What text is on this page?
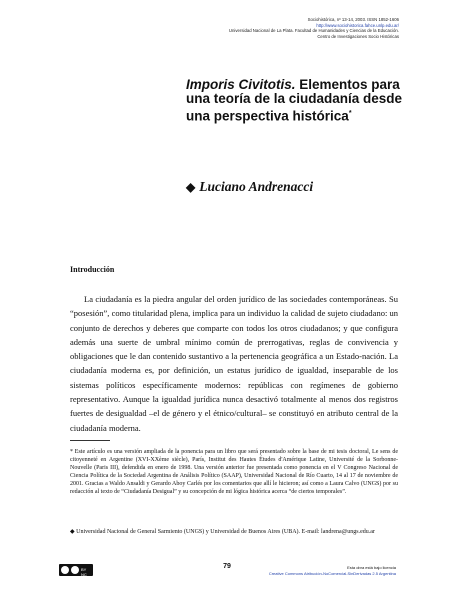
Sociohistórica, nº 13-14, 2003. ISSN 1852-1606
http://www.sociohistorica.fahce.unlp.edu.ar/
Universidad Nacional de La Plata. Facultad de Humanidades y Ciencias de la Educación.
Centro de Investigaciones Socio Históricas
Imporis Civitotis. Elementos para una teoría de la ciudadanía desde una perspectiva histórica*
◆ Luciano Andrenacci
Introducción

La ciudadanía es la piedra angular del orden jurídico de las sociedades contemporáneas. Su “posesión”, como titularidad plena, implica para un individuo la calidad de sujeto ciudadano: un conjunto de derechos y deberes que comparte con todos los otros ciudadanos; y que configura además una suerte de umbral mínimo común de prerrogativas, reglas de convivencia y obligaciones que le dan contenido sustantivo a la pertenencia geográfica a un Estado-nación. La ciudadanía moderna es, por definición, un estatus jurídico de igualdad, inseparable de los sistemas políticos específicamente modernos: repúblicas con regímenes de gobierno representativo. Aunque la igualdad jurídica nunca desactivó totalmente al menos dos registros fuertes de desigualdad –el de género y el étnico/cultural– se constituyó en atributo central de la ciudadanía moderna.

* Este artículo es una versión ampliada de la ponencia para un libro que será presentado sobre la base de mi tesis doctoral, Le sens de citoyenneté en Argentine (XVI-XXème siècle), París, Institut des Hautes Études d'Amérique Latine, Université de la Sorbonne-Nouvelle (Paris III), defendida en enero de 1998. Una versión anterior fue presentada como ponencia en el V Congreso Nacional de Ciencia Política de la Sociedad Argentina de Análisis Político (SAAP), Universidad Nacional de Río Cuarto, 14 al 17 de noviembre de 2001. Gracias a Waldo Ansaldi y Gerardo Aboy Carlés por los comentarios que allí le hicieron; así como a Laura Calvo (UNGS) por su redacción al texto de “Ciudadanía Desigual” y su concepción de mi lógica histórica acerca “de ciertos temporales”.

◆ Universidad Nacional de General Sarmiento (UNGS) y Universidad de Buenos Aires (UBA). E-mail: landrena@ungs.edu.ar

BY NC SA
79	Esta obra está bajo licencia
Creative Commons Atribución-NoComercial-SinDerivadas 2.5 Argentina
